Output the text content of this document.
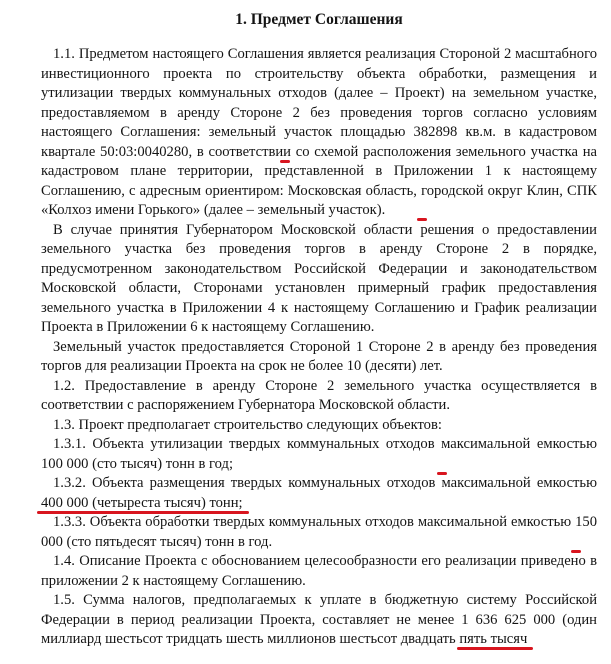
1. Предмет Соглашения

1.1. Предметом настоящего Соглашения является реализация Стороной 2 масштабного инвестиционного проекта по строительству объекта обработки, размещения и утилизации твердых коммунальных отходов (далее – Проект) на земельном участке, предоставляемом в аренду Стороне 2 без проведения торгов согласно условиям настоящего Соглашения: земельный участок площадью 382898 кв.м. в кадастровом квартале 50:03:0040280, в соответствии со схемой расположения земельного участка на кадастровом плане территории, представленной в Приложении 1 к настоящему Соглашению, с адресным ориентиром: Московская область, городской округ Клин, СПК «Колхоз имени Горького» (далее – земельный участок).

В случае принятия Губернатором Московской области решения о предоставлении земельного участка без проведения торгов в аренду Стороне 2 в порядке, предусмотренном законодательством Российской Федерации и законодательством Московской области, Сторонами установлен примерный график предоставления земельного участка в Приложении 4 к настоящему Соглашению и График реализации Проекта в Приложении 6 к настоящему Соглашению.

Земельный участок предоставляется Стороной 1 Стороне 2 в аренду без проведения торгов для реализации Проекта на срок не более 10 (десяти) лет.

1.2. Предоставление в аренду Стороне 2 земельного участка осуществляется в соответствии с распоряжением Губернатора Московской области.

1.3. Проект предполагает строительство следующих объектов:

1.3.1. Объекта утилизации твердых коммунальных отходов максимальной емкостью 100 000 (сто тысяч) тонн в год;

1.3.2. Объекта размещения твердых коммунальных отходов максимальной емкостью 400 000 (четыреста тысяч) тонн;

1.3.3. Объекта обработки твердых коммунальных отходов максимальной емкостью 150 000 (сто пятьдесят тысяч) тонн в год.

1.4. Описание Проекта с обоснованием целесообразности его реализации приведено в приложении 2 к настоящему Соглашению.

1.5. Сумма налогов, предполагаемых к уплате в бюджетную систему Российской Федерации в период реализации Проекта, составляет не менее 1 636 625 000 (один миллиард шестьсот тридцать шесть миллионов шестьсот двадцать пять тысяч
